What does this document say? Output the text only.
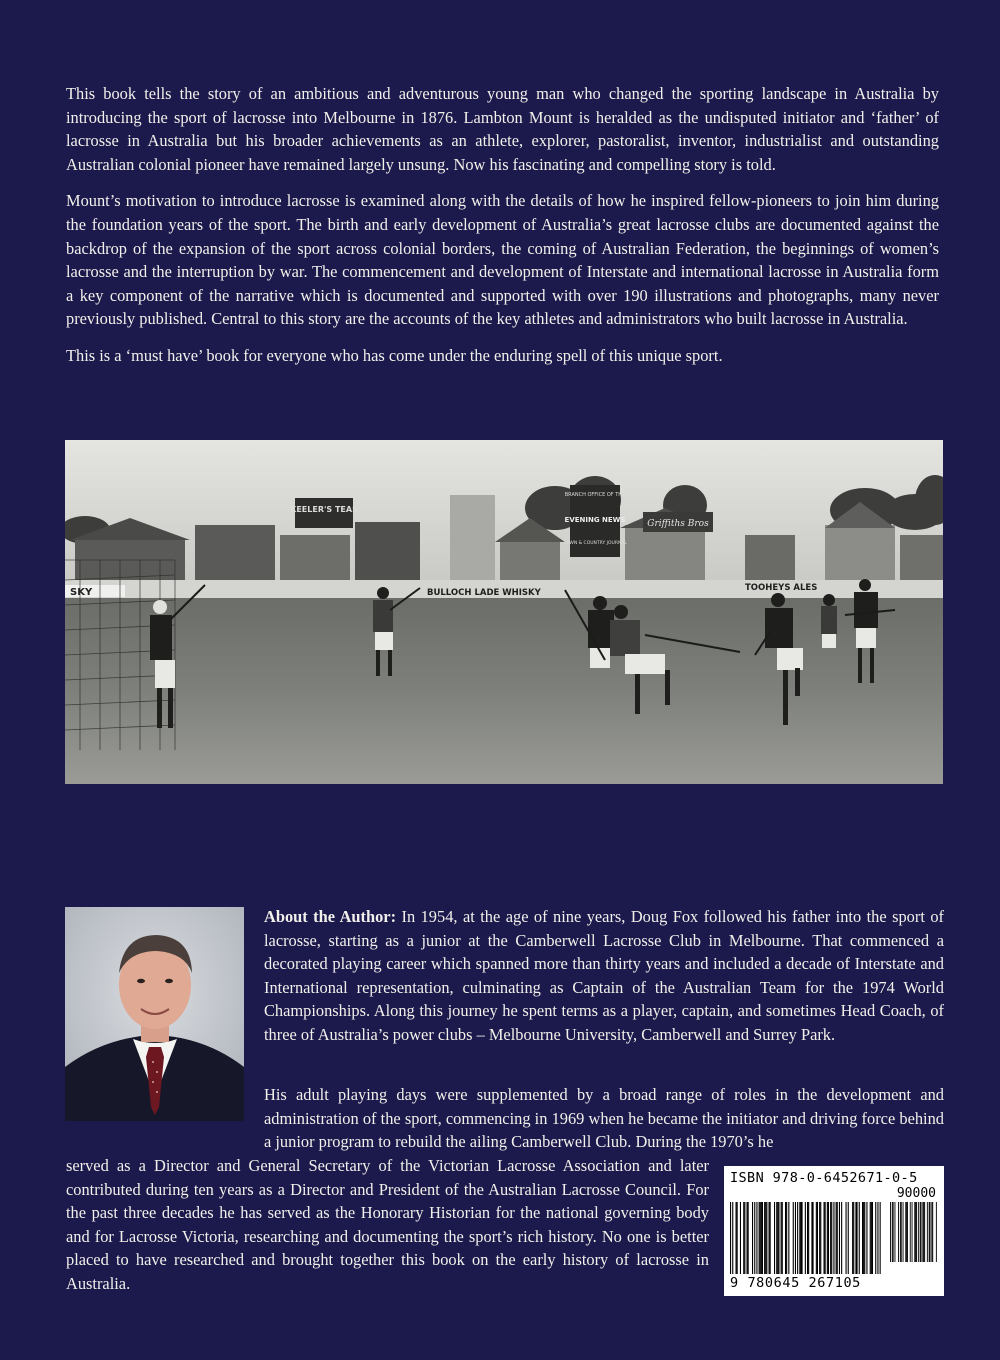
This book tells the story of an ambitious and adventurous young man who changed the sporting landscape in Australia by introducing the sport of lacrosse into Melbourne in 1876. Lambton Mount is heralded as the undisputed initiator and ‘father’ of lacrosse in Australia but his broader achievements as an athlete, explorer, pastoralist, inventor, industrialist and outstanding Australian colonial pioneer have remained largely unsung. Now his fascinating and compelling story is told.

Mount’s motivation to introduce lacrosse is examined along with the details of how he inspired fellow-pioneers to join him during the foundation years of the sport. The birth and early development of Australia’s great lacrosse clubs are documented against the backdrop of the expansion of the sport across colonial borders, the coming of Australian Federation, the beginnings of women’s lacrosse and the interruption by war. The commencement and development of Interstate and international lacrosse in Australia form a key component of the narrative which is documented and supported with over 190 illustrations and photographs, many never previously published. Central to this story are the accounts of the key athletes and administrators who built lacrosse in Australia.

This is a ‘must have’ book for everyone who has come under the enduring spell of this unique sport.

KEELER'S TEAS
BRANCH OFFICE OF THE
EVENING NEWS
TOWN & COUNTRY JOURNAL
Griffiths Bros
SKY	BULLOCH LADE WHISKY	TOOHEYS ALES

About the Author: In 1954, at the age of nine years, Doug Fox followed his father into the sport of lacrosse, starting as a junior at the Camberwell Lacrosse Club in Melbourne. That commenced a decorated playing career which spanned more than thirty years and included a decade of Interstate and International representation, culminating as Captain of the Australian Team for the 1974 World Championships. Along this journey he spent terms as a player, captain, and sometimes Head Coach, of three of Australia’s power clubs – Melbourne University, Camberwell and Surrey Park.

His adult playing days were supplemented by a broad range of roles in the development and administration of the sport, commencing in 1969 when he became the initiator and driving force behind a junior program to rebuild the ailing Camberwell Club. During the 1970’s he

served as a Director and General Secretary of the Victorian Lacrosse Association and later contributed during ten years as a Director and President of the Australian Lacrosse Council. For the past three decades he has served as the Honorary Historian for the national governing body and for Lacrosse Victoria, researching and documenting the sport’s rich history. No one is better placed to have researched and brought together this book on the early history of lacrosse in Australia.

ISBN 978-0-6452671-0-5
90000
9 780645 267105
